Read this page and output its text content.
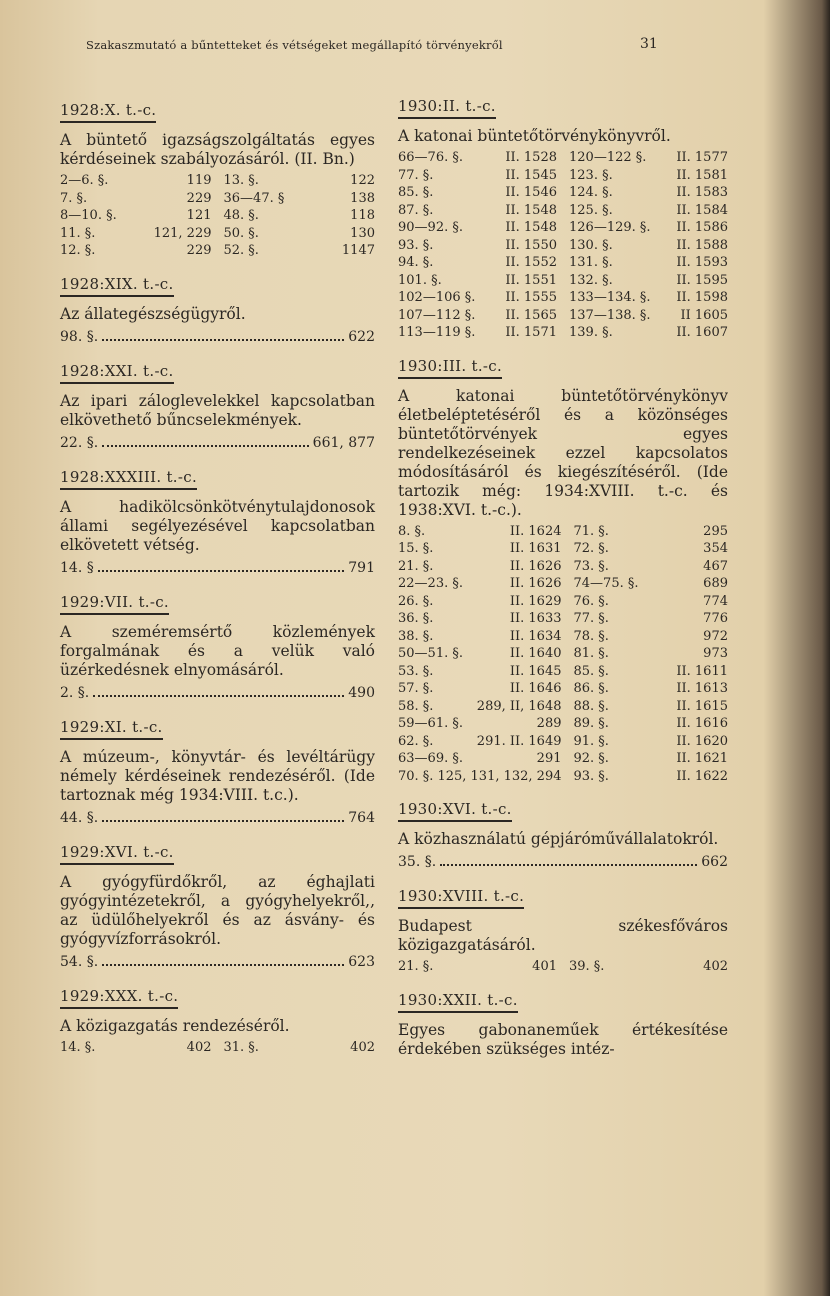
Szakaszmutató a bűntetteket és vétségeket megállapító törvényekről	31
1928:X. t.-c.
A büntető igazságszolgáltatás egyes kérdéseinek szabályozásáról. (II. Bn.)
2—6. §.	119 13. §.	122
7. §.	229 36—47. §	138
8—10. §.	121 48. §.	118
11. §.	121, 229 50. §.	130
12. §.	229 52. §.	1147
1928:XIX. t.-c.
Az állategészségügyről.
98. §.	622
1928:XXI. t.-c.
Az ipari záloglevelekkel kapcsolatban elkövethető bűncselekmények.
22. §.	661, 877
1928:XXXIII. t.-c.
A hadikölcsönkötvénytulajdonosok állami segélyezésével kapcsolatban elkövetett vétség.
14. §	791
1929:VII. t.-c.
A szeméremsértő közlemények forgalmának és a velük való üzérkedésnek elnyomásáról.
2. §.	490
1929:XI. t.-c.
A múzeum-, könyvtár- és levéltárügy némely kérdéseinek rendezéséről. (Ide tartoznak még 1934:VIII. t.c.).
44. §.	764
1929:XVI. t.-c.
A gyógyfürdőkről, az éghajlati gyógyintézetekről, a gyógyhelyekről,, az üdülőhelyekről és az ásvány- és gyógyvízforrásokról.
54. §.	623
1929:XXX. t.-c.
A közigazgatás rendezéséről.
14. §.	402 31. §.	402
1930:II. t.-c.
A katonai büntetőtörvénykönyvről.
66—76. §.	II. 1528 120—122 §.	II. 1577
77. §.	II. 1545 123. §.	II. 1581
85. §.	II. 1546 124. §.	II. 1583
87. §.	II. 1548 125. §.	II. 1584
90—92. §.	II. 1548 126—129. §.	II. 1586
93. §.	II. 1550 130. §.	II. 1588
94. §.	II. 1552 131. §.	II. 1593
101. §.	II. 1551 132. §.	II. 1595
102—106 §.	II. 1555 133—134. §.	II. 1598
107—112 §.	II. 1565 137—138. §.	II 1605
113—119 §.	II. 1571 139. §.	II. 1607
1930:III. t.-c.
A katonai büntetőtörvénykönyv életbeléptetéséről és a közönséges büntetőtörvények egyes rendelkezéseinek ezzel kapcsolatos módosításáról és kiegészítéséről. (Ide tartozik még: 1934:XVIII. t.-c. és 1938:XVI. t.-c.).
8. §.	II. 1624 71. §.	295
15. §.	II. 1631 72. §.	354
21. §.	II. 1626 73. §.	467
22—23. §.	II. 1626 74—75. §.	689
26. §.	II. 1629 76. §.	774
36. §.	II. 1633 77. §.	776
38. §.	II. 1634 78. §.	972
50—51. §.	II. 1640 81. §.	973
53. §.	II. 1645 85. §.	II. 1611
57. §.	II. 1646 86. §.	II. 1613
58. §.	289, II, 1648 88. §.	II. 1615
59—61. §.	289 89. §.	II. 1616
62. §.	291. II. 1649 91. §.	II. 1620
63—69. §.	291 92. §.	II. 1621
70. §. 125, 131, 132, 294 93. §.	II. 1622
1930:XVI. t.-c.
A közhasználatú gépjáróművállalatokról.
35. §.	662
1930:XVIII. t.-c.
Budapest székesfőváros közigazgatásáról.
21. §.	401 39. §.	402
1930:XXII. t.-c.
Egyes gabonaneműek értékesítése érdekében szükséges intéz-
